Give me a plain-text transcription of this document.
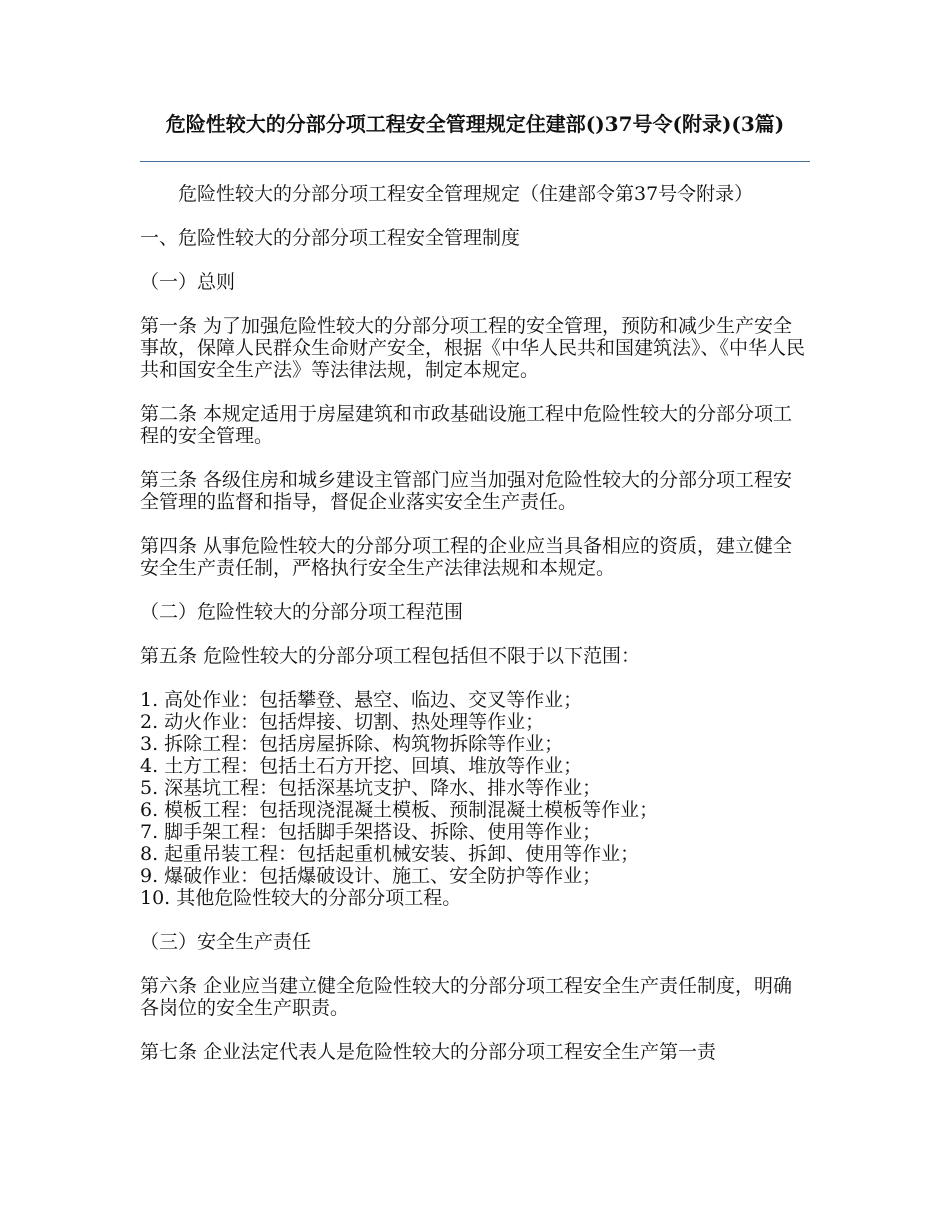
危险性较大的分部分项工程安全管理规定住建部()37号令(附录)(3篇)

危险性较大的分部分项工程安全管理规定（住建部令第37号令附录）

一、危险性较大的分部分项工程安全管理制度

（一）总则

第一条 为了加强危险性较大的分部分项工程的安全管理，预防和减少生产安全事故，保障人民群众生命财产安全，根据《中华人民共和国建筑法》、《中华人民共和国安全生产法》等法律法规，制定本规定。

第二条 本规定适用于房屋建筑和市政基础设施工程中危险性较大的分部分项工程的安全管理。

第三条 各级住房和城乡建设主管部门应当加强对危险性较大的分部分项工程安全管理的监督和指导，督促企业落实安全生产责任。

第四条 从事危险性较大的分部分项工程的企业应当具备相应的资质，建立健全安全生产责任制，严格执行安全生产法律法规和本规定。

（二）危险性较大的分部分项工程范围

第五条 危险性较大的分部分项工程包括但不限于以下范围：

1. 高处作业：包括攀登、悬空、临边、交叉等作业；
2. 动火作业：包括焊接、切割、热处理等作业；
3. 拆除工程：包括房屋拆除、构筑物拆除等作业；
4. 土方工程：包括土石方开挖、回填、堆放等作业；
5. 深基坑工程：包括深基坑支护、降水、排水等作业；
6. 模板工程：包括现浇混凝土模板、预制混凝土模板等作业；
7. 脚手架工程：包括脚手架搭设、拆除、使用等作业；
8. 起重吊装工程：包括起重机械安装、拆卸、使用等作业；
9. 爆破作业：包括爆破设计、施工、安全防护等作业；
10. 其他危险性较大的分部分项工程。

（三）安全生产责任

第六条 企业应当建立健全危险性较大的分部分项工程安全生产责任制度，明确各岗位的安全生产职责。

第七条 企业法定代表人是危险性较大的分部分项工程安全生产第一责
